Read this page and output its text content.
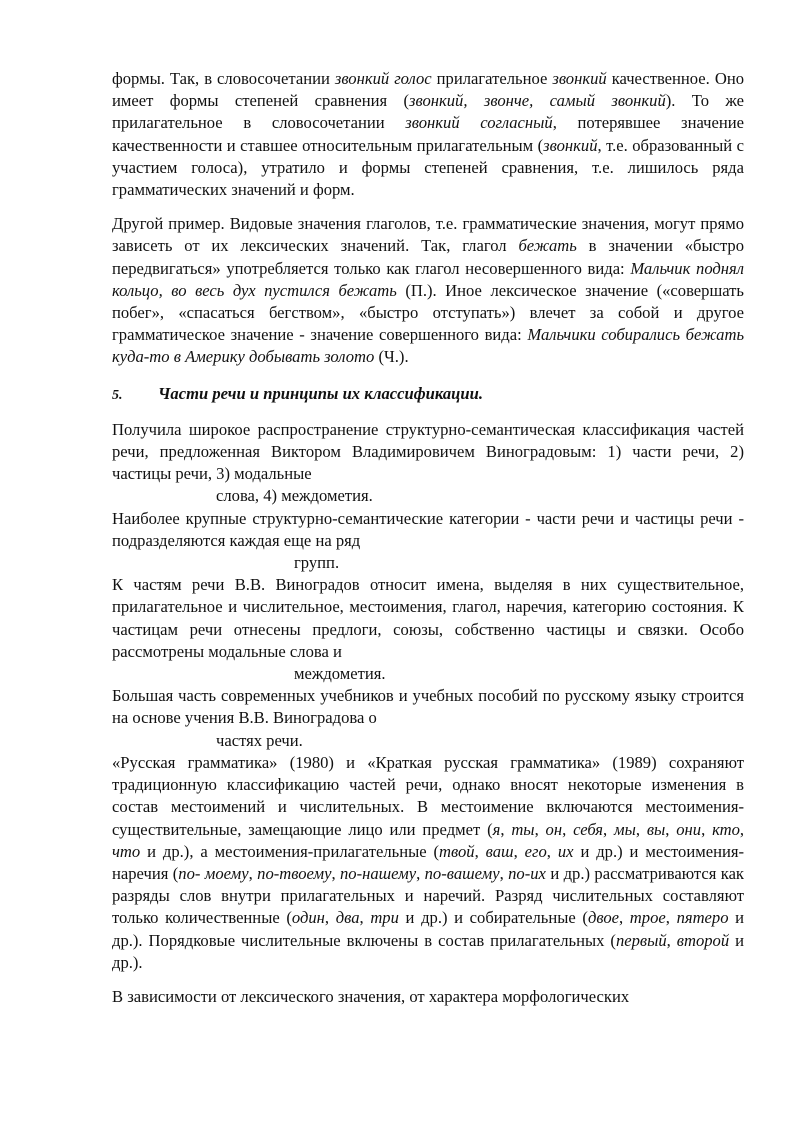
формы. Так, в словосочетании звонкий голос прилагательное звонкий качественное. Оно имеет формы степеней сравнения (звонкий, звонче, самый звонкий). То же прилагательное в словосочетании звонкий согласный, потерявшее значение качественности и ставшее относительным прилагательным (звонкий, т.е. образованный с участием голоса), утратило и формы степеней сравнения, т.е. лишилось ряда грамматических значений и форм.

Другой пример. Видовые значения глаголов, т.е. грамматические значения, могут прямо зависеть от их лексических значений. Так, глагол бежать в значении «быстро передвигаться» употребляется только как глагол несовершенного вида: Мальчик поднял кольцо, во весь дух пустился бежать (П.). Иное лексическое значение («совершать побег», «спасаться бегством», «быстро отступать») влечет за собой и другое грамматическое значение - значение совершенного вида: Мальчики собирались бежать куда-то в Америку добывать золото (Ч.).

5.	Части речи и принципы их классификации.

Получила широкое распространение структурно-семантическая классификация частей речи, предложенная Виктором Владимировичем Виноградовым: 1) части речи, 2) частицы речи, 3) модальные
слова, 4) междометия.

Наиболее крупные структурно-семантические категории - части речи и частицы речи - подразделяются каждая еще на ряд
групп.

К частям речи В.В. Виноградов относит имена, выделяя в них существительное, прилагательное и числительное, местоимения, глагол, наречия, категорию состояния. К частицам речи отнесены предлоги, союзы, собственно частицы и связки. Особо рассмотрены модальные слова и
междометия.

Большая часть современных учебников и учебных пособий по русскому языку строится на основе учения В.В. Виноградова о
частях речи.

«Русская грамматика» (1980) и «Краткая русская грамматика» (1989) сохраняют традиционную классификацию частей речи, однако вносят некоторые изменения в состав местоимений и числительных. В местоимение включаются местоимения- существительные, замещающие лицо или предмет (я, ты, он, себя, мы, вы, они, кто, что и др.), а местоимения-прилагательные (твой, ваш, его, их и др.) и местоимения-наречия (по- моему, по-твоему, по-нашему, по-вашему, по-их и др.) рассматриваются как разряды слов внутри прилагательных и наречий. Разряд числительных составляют только количественные (один, два, три и др.) и собирательные (двое, трое, пятеро и др.). Порядковые числительные включены в состав прилагательных (первый, второй и др.).

В зависимости от лексического значения, от характера морфологических
